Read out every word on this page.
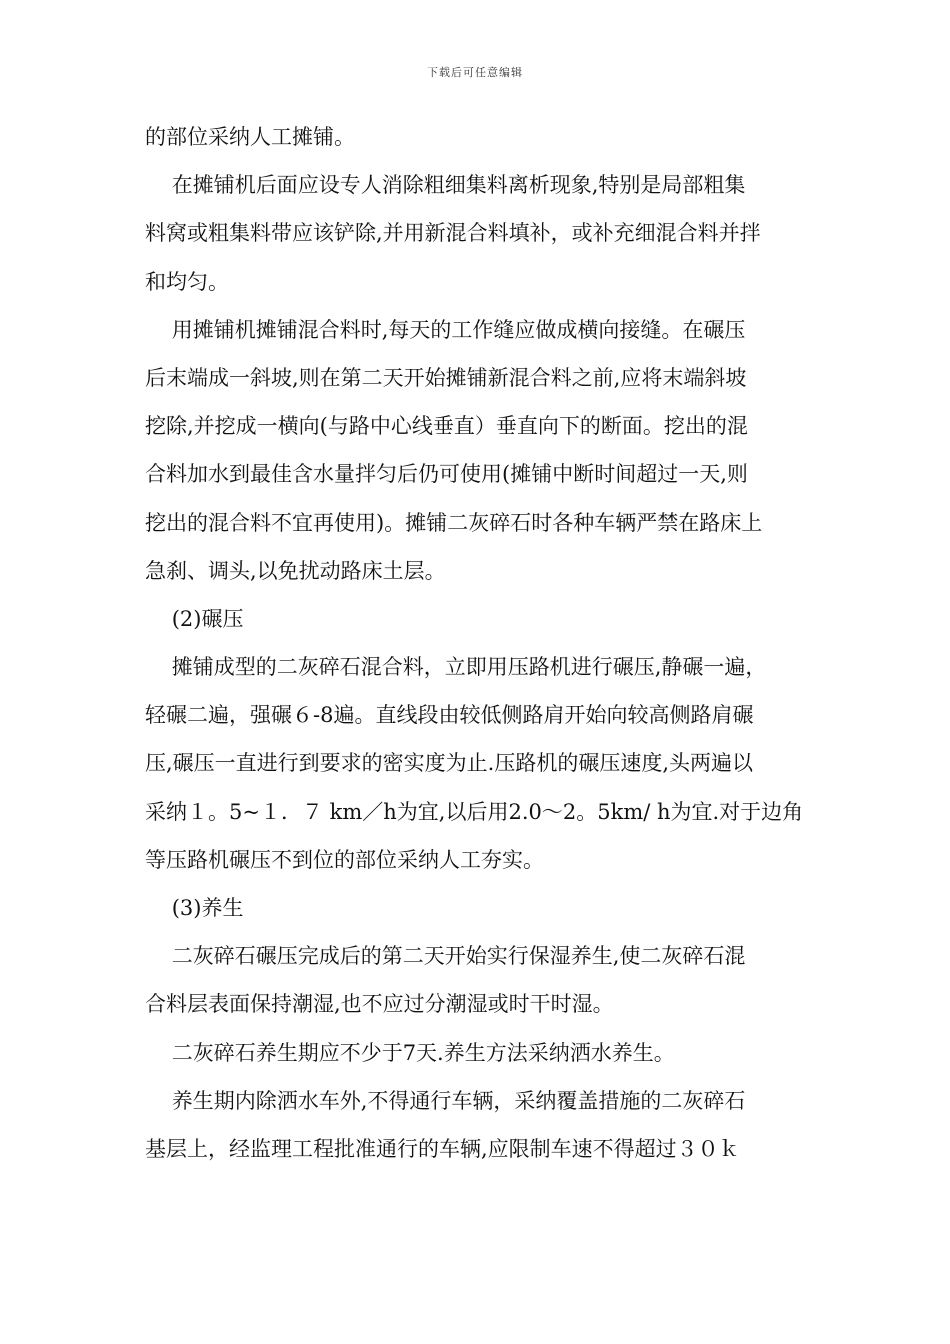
下载后可任意编辑
的部位采纳人工摊铺。
在摊铺机后面应设专人消除粗细集料离析现象,特别是局部粗集
料窝或粗集料带应该铲除,并用新混合料填补，或补充细混合料并拌
和均匀。
用摊铺机摊铺混合料时,每天的工作缝应做成横向接缝。在碾压
后末端成一斜坡,则在第二天开始摊铺新混合料之前,应将末端斜坡
挖除,并挖成一横向(与路中心线垂直）垂直向下的断面。挖出的混
合料加水到最佳含水量拌匀后仍可使用(摊铺中断时间超过一天,则
挖出的混合料不宜再使用)。摊铺二灰碎石时各种车辆严禁在路床上
急刹、调头,以免扰动路床土层。
(2)碾压
摊铺成型的二灰碎石混合料，立即用压路机进行碾压,静碾一遍，
轻碾二遍，强碾６-8遍。直线段由较低侧路肩开始向较高侧路肩碾
压,碾压一直进行到要求的密实度为止.压路机的碾压速度,头两遍以
采纳１。5~１．７ km／h为宜,以后用2.0～2。5km/ h为宜.对于边角
等压路机碾压不到位的部位采纳人工夯实。
(3)养生
二灰碎石碾压完成后的第二天开始实行保湿养生,使二灰碎石混
合料层表面保持潮湿,也不应过分潮湿或时干时湿。
二灰碎石养生期应不少于7天.养生方法采纳洒水养生。
养生期内除洒水车外,不得通行车辆，采纳覆盖措施的二灰碎石
基层上，经监理工程批准通行的车辆,应限制车速不得超过３０ｋ
